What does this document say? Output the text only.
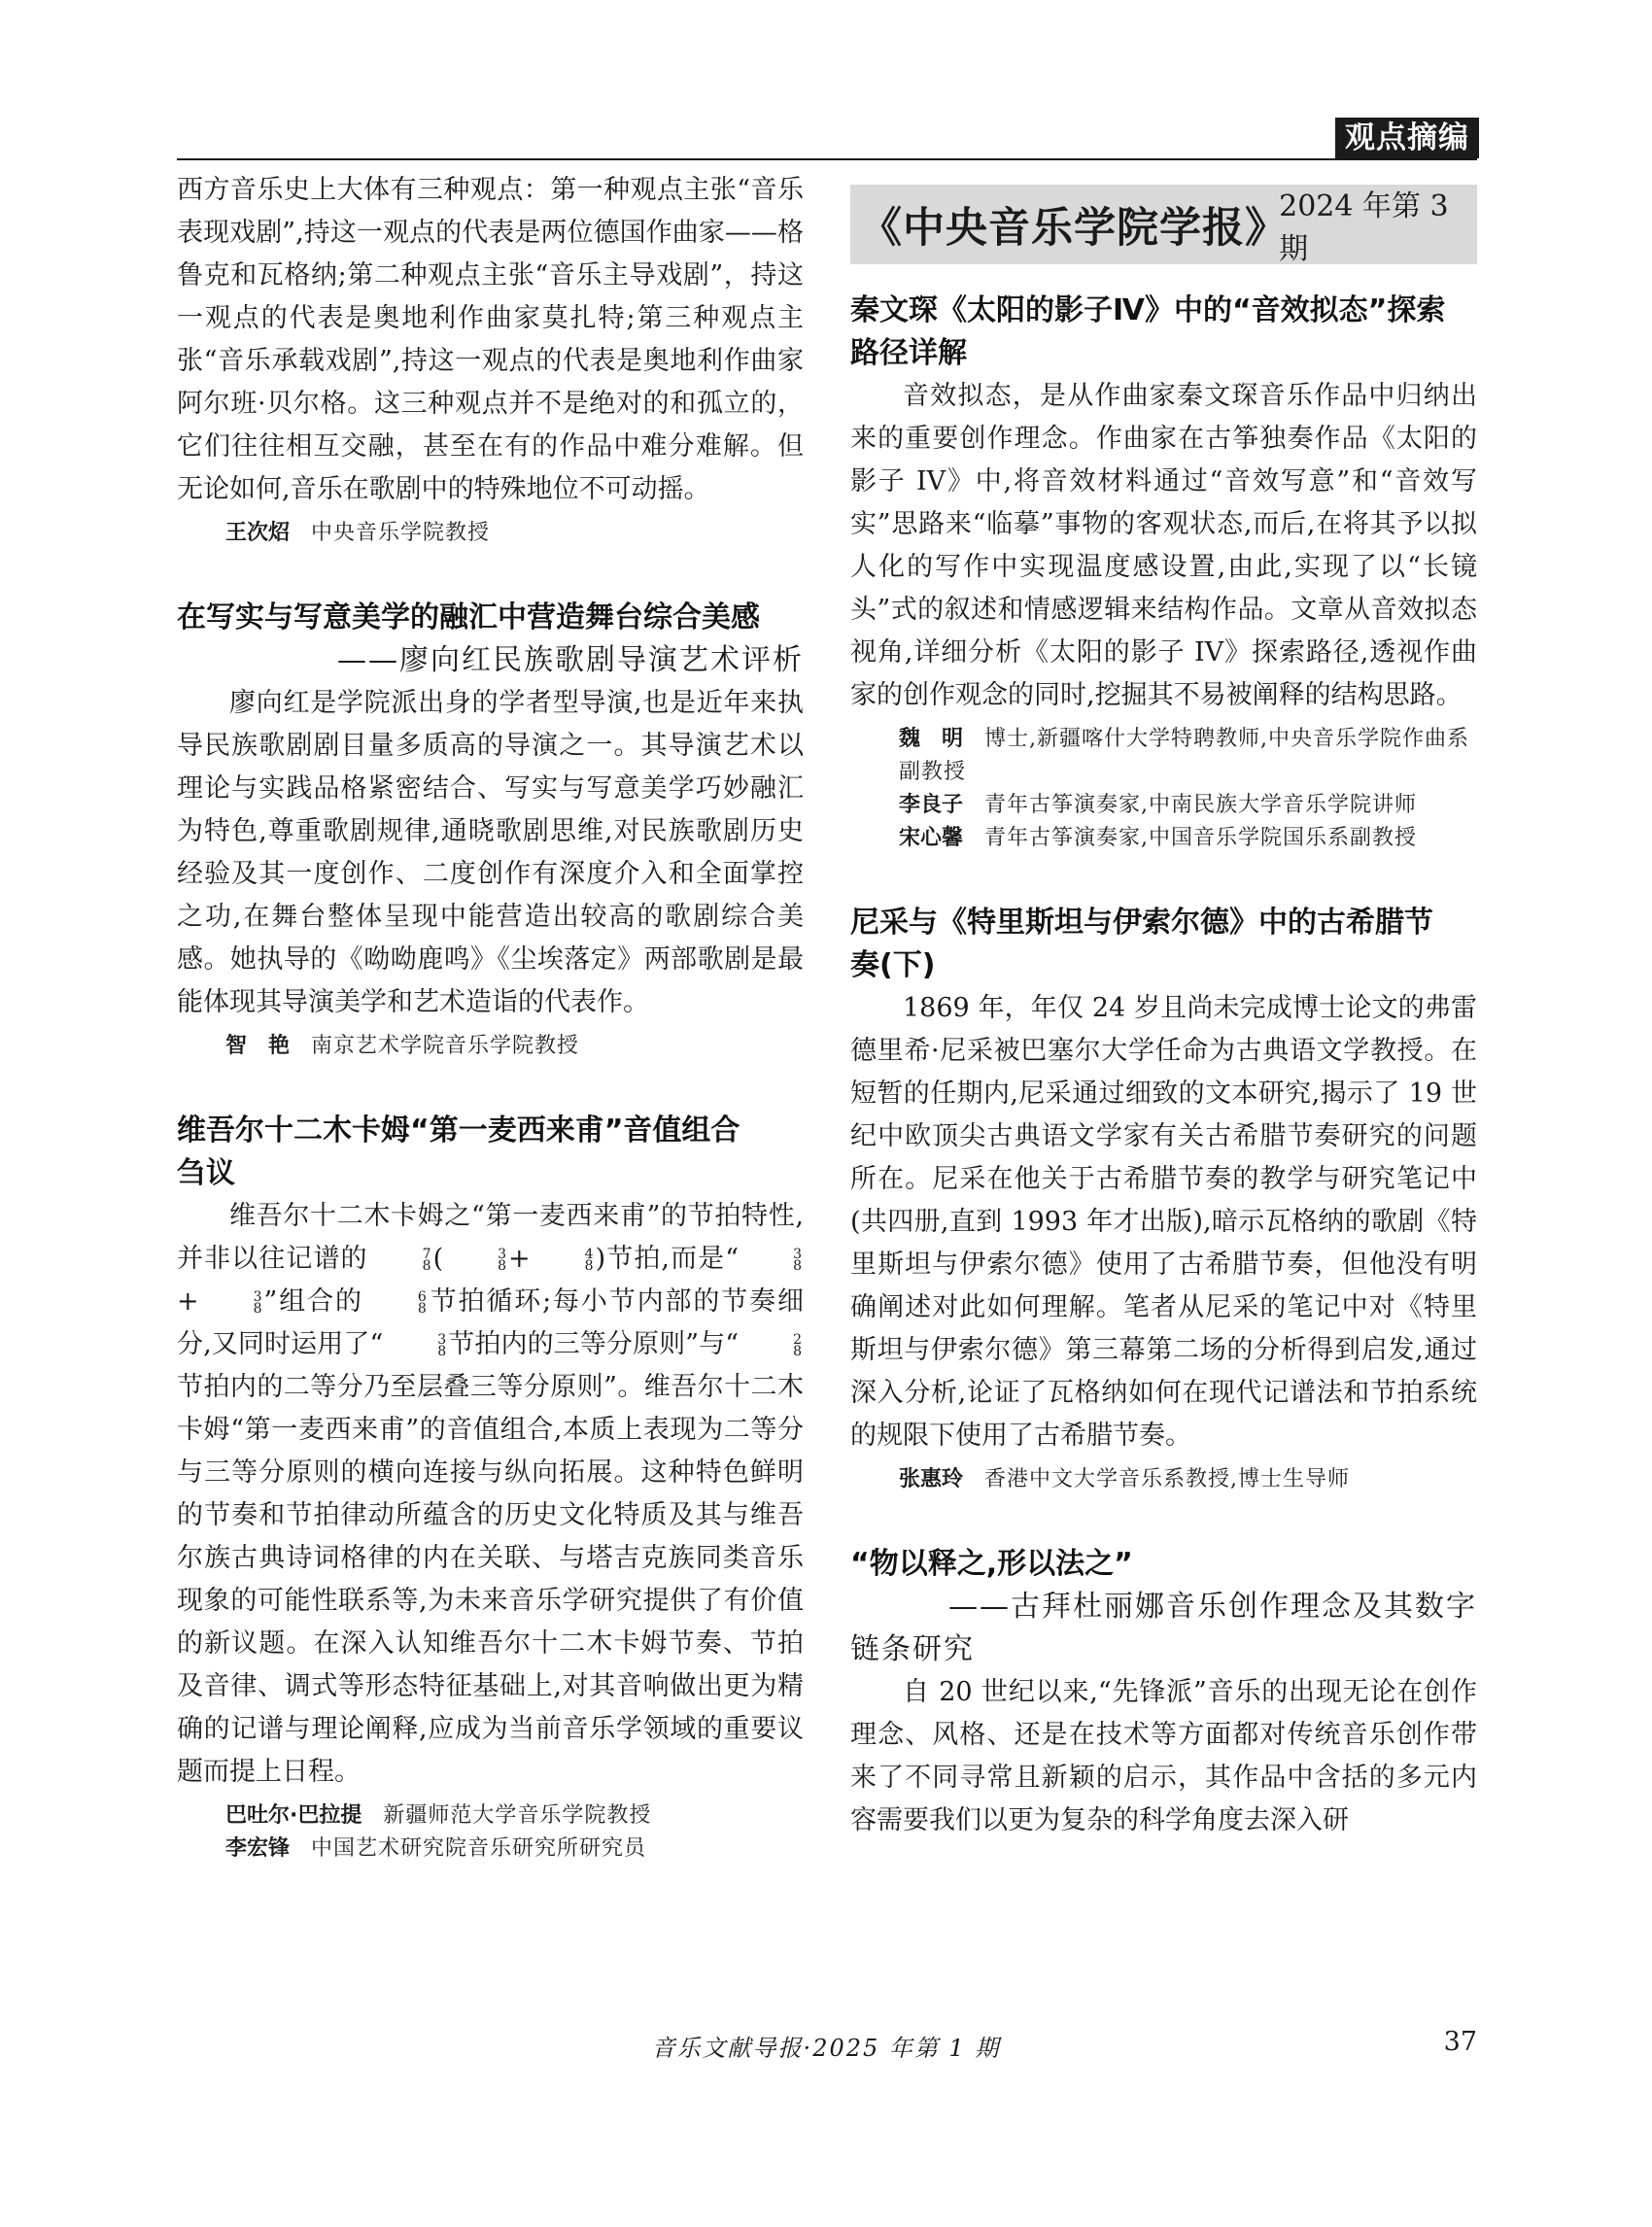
观点摘编

西方音乐史上大体有三种观点：第一种观点主张“音乐表现戏剧”,持这一观点的代表是两位德国作曲家——格鲁克和瓦格纳;第二种观点主张“音乐主导戏剧”，持这一观点的代表是奥地利作曲家莫扎特;第三种观点主张“音乐承载戏剧”,持这一观点的代表是奥地利作曲家阿尔班·贝尔格。这三种观点并不是绝对的和孤立的，它们往往相互交融，甚至在有的作品中难分难解。但无论如何,音乐在歌剧中的特殊地位不可动摇。

王次炤 中央音乐学院教授
在写实与写意美学的融汇中营造舞台综合美感

——廖向红民族歌剧导演艺术评析

廖向红是学院派出身的学者型导演,也是近年来执导民族歌剧剧目量多质高的导演之一。其导演艺术以理论与实践品格紧密结合、写实与写意美学巧妙融汇为特色,尊重歌剧规律,通晓歌剧思维,对民族歌剧历史经验及其一度创作、二度创作有深度介入和全面掌控之功,在舞台整体呈现中能营造出较高的歌剧综合美感。她执导的《呦呦鹿鸣》《尘埃落定》两部歌剧是最能体现其导演美学和艺术造诣的代表作。

智　艳 南京艺术学院音乐学院教授
维吾尔十二木卡姆“第一麦西来甫”音值组合
刍议

维吾尔十二木卡姆之“第一麦西来甫”的节拍特性,并非以往记谱的	7
8 (	3
8 +	4
8 )节拍,而是“	3
8
+	3
8 ”组合的	6
8 节拍循环;每小节内部的节奏细分,又同时运用了“	3
8 节拍内的三等分原则”与“	2
8
节拍内的二等分乃至层叠三等分原则”。维吾尔十二木卡姆“第一麦西来甫”的音值组合,本质上表现为二等分与三等分原则的横向连接与纵向拓展。这种特色鲜明的节奏和节拍律动所蕴含的历史文化特质及其与维吾尔族古典诗词格律的内在关联、与塔吉克族同类音乐现象的可能性联系等,为未来音乐学研究提供了有价值的新议题。在深入认知维吾尔十二木卡姆节奏、节拍及音律、调式等形态特征基础上,对其音响做出更为精确的记谱与理论阐释,应成为当前音乐学领域的重要议题而提上日程。

巴吐尔·巴拉提 新疆师范大学音乐学院教授
李宏锋 中国艺术研究院音乐研究所研究员
《中央音乐学院学报》
2024 年第 3 期
秦文琛《太阳的影子Ⅳ》中的“音效拟态”探索
路径详解

音效拟态，是从作曲家秦文琛音乐作品中归纳出来的重要创作理念。作曲家在古筝独奏作品《太阳的影子 IV》中,将音效材料通过“音效写意”和“音效写实”思路来“临摹”事物的客观状态,而后,在将其予以拟人化的写作中实现温度感设置,由此,实现了以“长镜头”式的叙述和情感逻辑来结构作品。文章从音效拟态视角,详细分析《太阳的影子 IV》探索路径,透视作曲家的创作观念的同时,挖掘其不易被阐释的结构思路。

魏　明 博士,新疆喀什大学特聘教师,中央音乐学院作曲系副教授
李良子 青年古筝演奏家,中南民族大学音乐学院讲师
宋心馨 青年古筝演奏家,中国音乐学院国乐系副教授
尼采与《特里斯坦与伊索尔德》中的古希腊节
奏(下)

1869 年，年仅 24 岁且尚未完成博士论文的弗雷德里希·尼采被巴塞尔大学任命为古典语文学教授。在短暂的任期内,尼采通过细致的文本研究,揭示了 19 世纪中欧顶尖古典语文学家有关古希腊节奏研究的问题所在。尼采在他关于古希腊节奏的教学与研究笔记中(共四册,直到 1993 年才出版),暗示瓦格纳的歌剧《特里斯坦与伊索尔德》使用了古希腊节奏，但他没有明确阐述对此如何理解。笔者从尼采的笔记中对《特里斯坦与伊索尔德》第三幕第二场的分析得到启发,通过深入分析,论证了瓦格纳如何在现代记谱法和节拍系统的规限下使用了古希腊节奏。

张惠玲 香港中文大学音乐系教授,博士生导师
“物以释之,形以法之”

——古拜杜丽娜音乐创作理念及其数字

链条研究

自 20 世纪以来,“先锋派”音乐的出现无论在创作理念、风格、还是在技术等方面都对传统音乐创作带来了不同寻常且新颖的启示，其作品中含括的多元内容需要我们以更为复杂的科学角度去深入研

音乐文献导报·2025 年第 1 期	37
